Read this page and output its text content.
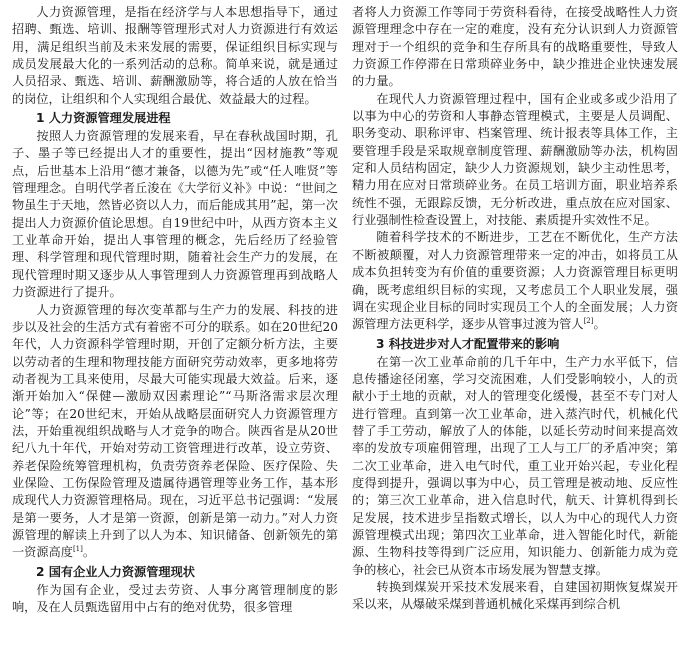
人力资源管理，是指在经济学与人本思想指导下，通过招聘、甄选、培训、报酬等管理形式对人力资源进行有效运用，满足组织当前及未来发展的需要，保证组织目标实现与成员发展最大化的一系列活动的总称。简单来说，就是通过人员招录、甄选、培训、薪酬激励等，将合适的人放在恰当的岗位，让组织和个人实现组合最优、效益最大的过程。

1 人力资源管理发展进程

按照人力资源管理的发展来看，早在春秋战国时期，孔子、墨子等已经提出人才的重要性，提出“因材施教”等观点，后世基本上沿用“德才兼备，以德为先”或“任人唯贤”等管理理念。自明代学者丘浚在《大学衍义补》中说：“世间之物虽生于天地，然皆必资以人力，而后能成其用”起，第一次提出人力资源价值论思想。自19世纪中叶，从西方资本主义工业革命开始，提出人事管理的概念，先后经历了经验管理、科学管理和现代管理时期，随着社会生产力的发展，在现代管理时期又逐步从人事管理到人力资源管理再到战略人力资源进行了提升。

人力资源管理的每次变革都与生产力的发展、科技的进步以及社会的生活方式有着密不可分的联系。如在20世纪20年代，人力资源科学管理时期，开创了定额分析方法，主要以劳动者的生理和物理技能方面研究劳动效率，更多地将劳动者视为工具来使用，尽最大可能实现最大效益。后来，逐渐开始加入“保健—激励双因素理论”“马斯洛需求层次理论”等；在20世纪末，开始从战略层面研究人力资源管理方法，开始重视组织战略与人才竞争的吻合。陕西省是从20世纪八九十年代，开始对劳动工资管理进行改革，设立劳资、养老保险统筹管理机构，负责劳资养老保险、医疗保险、失业保险、工伤保险管理及遗属待遇管理等业务工作，基本形成现代人力资源管理格局。现在，习近平总书记强调：“发展是第一要务，人才是第一资源，创新是第一动力。”对人力资源管理的解读上升到了以人为本、知识储备、创新领先的第一资源高度[1]。

2 国有企业人力资源管理现状

作为国有企业，受过去劳资、人事分离管理制度的影响，及在人员甄选留用中占有的绝对优势，很多管理

者将人力资源工作等同于劳资科看待，在接受战略性人力资源管理理念中存在一定的难度，没有充分认识到人力资源管理对于一个组织的竞争和生存所具有的战略重要性，导致人力资源工作停滞在日常琐碎业务中，缺少推进企业快速发展的力量。

在现代人力资源管理过程中，国有企业或多或少沿用了以事为中心的劳资和人事静态管理模式，主要是人员调配、职务变动、职称评审、档案管理、统计报表等具体工作，主要管理手段是采取规章制度管理、薪酬激励等办法，机构固定和人员结构固定，缺少人力资源规划，缺少主动性思考，精力用在应对日常琐碎业务。在员工培训方面，职业培养系统性不强，无跟踪反馈，无分析改进，重点放在应对国家、行业强制性检查设置上，对技能、素质提升实效性不足。

随着科学技术的不断进步，工艺在不断优化，生产方法不断被颠覆，对人力资源管理带来一定的冲击，如将员工从成本负担转变为有价值的重要资源；人力资源管理目标更明确，既考虑组织目标的实现，又考虑员工个人职业发展，强调在实现企业目标的同时实现员工个人的全面发展；人力资源管理方法更科学，逐步从管事过渡为管人[2]。

3 科技进步对人才配置带来的影响

在第一次工业革命前的几千年中，生产力水平低下，信息传播途径闭塞，学习交流困难，人们受影响较小，人的贡献小于土地的贡献，对人的管理变化缓慢，甚至不专门对人进行管理。直到第一次工业革命，进入蒸汽时代，机械化代替了手工劳动，解放了人的体能，以延长劳动时间来提高效率的发放专项雇佣管理，出现了工人与工厂的矛盾冲突；第二次工业革命，进入电气时代，重工业开始兴起，专业化程度得到提升，强调以事为中心，员工管理是被动地、反应性的；第三次工业革命，进入信息时代，航天、计算机得到长足发展，技术进步呈指数式增长，以人为中心的现代人力资源管理模式出现；第四次工业革命，进入智能化时代，新能源、生物科技等得到广泛应用，知识能力、创新能力成为竞争的核心，社会已从资本市场发展为智慧支撑。

转换到煤炭开采技术发展来看，自建国初期恢复煤炭开采以来，从爆破采煤到普通机械化采煤再到综合机
